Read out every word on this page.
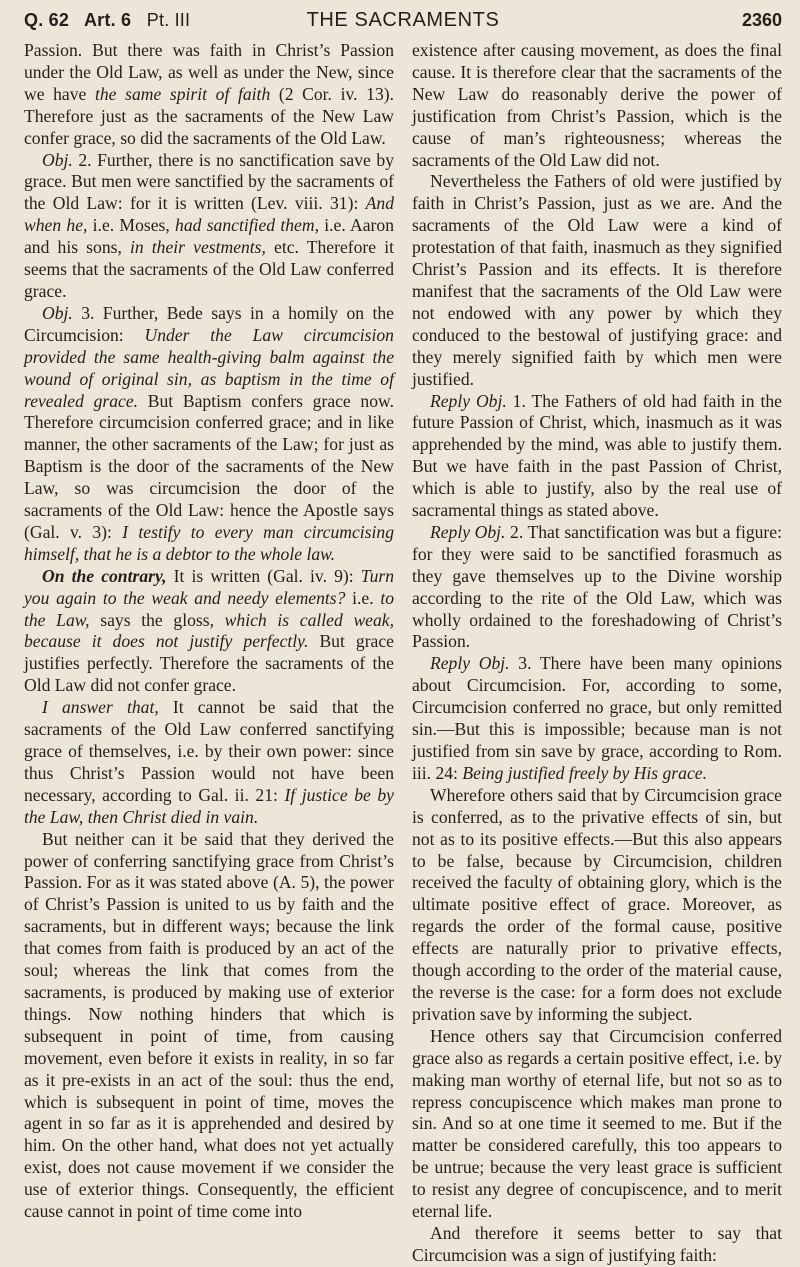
Q. 62 Art. 6 Pt. III	THE SACRAMENTS	2360

Passion. But there was faith in Christ’s Passion under the Old Law, as well as under the New, since we have the same spirit of faith (2 Cor. iv. 13). Therefore just as the sacraments of the New Law confer grace, so did the sacraments of the Old Law.

Obj. 2. Further, there is no sanctification save by grace. But men were sanctified by the sacraments of the Old Law: for it is written (Lev. viii. 31): And when he, i.e. Moses, had sanctified them, i.e. Aaron and his sons, in their vestments, etc. Therefore it seems that the sacraments of the Old Law conferred grace.

Obj. 3. Further, Bede says in a homily on the Circumcision: Under the Law circumcision provided the same health-giving balm against the wound of original sin, as baptism in the time of revealed grace. But Baptism confers grace now. Therefore circumcision conferred grace; and in like manner, the other sacraments of the Law; for just as Baptism is the door of the sacraments of the New Law, so was circumcision the door of the sacraments of the Old Law: hence the Apostle says (Gal. v. 3): I testify to every man circumcising himself, that he is a debtor to the whole law.

On the contrary, It is written (Gal. iv. 9): Turn you again to the weak and needy elements? i.e. to the Law, says the gloss, which is called weak, because it does not justify perfectly. But grace justifies perfectly. Therefore the sacraments of the Old Law did not confer grace.

I answer that, It cannot be said that the sacraments of the Old Law conferred sanctifying grace of themselves, i.e. by their own power: since thus Christ’s Passion would not have been necessary, according to Gal. ii. 21: If justice be by the Law, then Christ died in vain.

But neither can it be said that they derived the power of conferring sanctifying grace from Christ’s Passion. For as it was stated above (A. 5), the power of Christ’s Passion is united to us by faith and the sacraments, but in different ways; because the link that comes from faith is produced by an act of the soul; whereas the link that comes from the sacraments, is produced by making use of exterior things. Now nothing hinders that which is subsequent in point of time, from causing movement, even before it exists in reality, in so far as it pre-exists in an act of the soul: thus the end, which is subsequent in point of time, moves the agent in so far as it is apprehended and desired by him. On the other hand, what does not yet actually exist, does not cause movement if we consider the use of exterior things. Consequently, the efficient cause cannot in point of time come into

existence after causing movement, as does the final cause. It is therefore clear that the sacraments of the New Law do reasonably derive the power of justification from Christ’s Passion, which is the cause of man’s righteousness; whereas the sacraments of the Old Law did not.

Nevertheless the Fathers of old were justified by faith in Christ’s Passion, just as we are. And the sacraments of the Old Law were a kind of protestation of that faith, inasmuch as they signified Christ’s Passion and its effects. It is therefore manifest that the sacraments of the Old Law were not endowed with any power by which they conduced to the bestowal of justifying grace: and they merely signified faith by which men were justified.

Reply Obj. 1. The Fathers of old had faith in the future Passion of Christ, which, inasmuch as it was apprehended by the mind, was able to justify them. But we have faith in the past Passion of Christ, which is able to justify, also by the real use of sacramental things as stated above.

Reply Obj. 2. That sanctification was but a figure: for they were said to be sanctified forasmuch as they gave themselves up to the Divine worship according to the rite of the Old Law, which was wholly ordained to the foreshadowing of Christ’s Passion.

Reply Obj. 3. There have been many opinions about Circumcision. For, according to some, Circumcision conferred no grace, but only remitted sin.—But this is impossible; because man is not justified from sin save by grace, according to Rom. iii. 24: Being justified freely by His grace.

Wherefore others said that by Circumcision grace is conferred, as to the privative effects of sin, but not as to its positive effects.—But this also appears to be false, because by Circumcision, children received the faculty of obtaining glory, which is the ultimate positive effect of grace. Moreover, as regards the order of the formal cause, positive effects are naturally prior to privative effects, though according to the order of the material cause, the reverse is the case: for a form does not exclude privation save by informing the subject.

Hence others say that Circumcision conferred grace also as regards a certain positive effect, i.e. by making man worthy of eternal life, but not so as to repress concupiscence which makes man prone to sin. And so at one time it seemed to me. But if the matter be considered carefully, this too appears to be untrue; because the very least grace is sufficient to resist any degree of concupiscence, and to merit eternal life.

And therefore it seems better to say that Circumcision was a sign of justifying faith:
